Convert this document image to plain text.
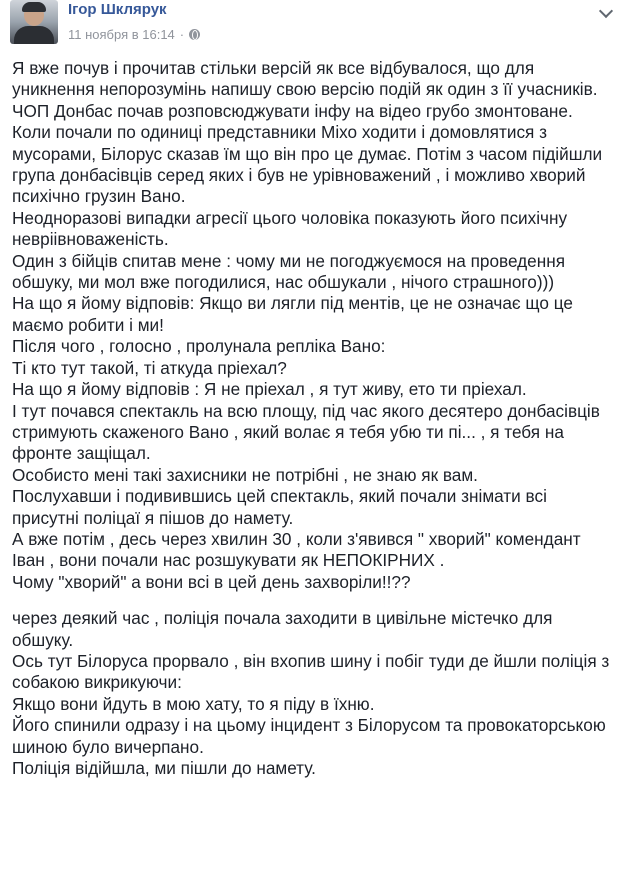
Ігор Шклярук
11 ноября в 16:14 ·

Я вже почув і прочитав стільки версій як все відбувалося, що для уникнення непорозумінь напишу свою версію подій як один з її учасників.

ЧОП Донбас почав розповсюджувати інфу на відео грубо змонтоване.

Коли почали по одиниці представники Міхо ходити і домовлятися з мусорами, Білорус сказав їм що він про це думає. Потім з часом підійшли група донбасівців серед яких і був не урівноважений , і можливо хворий психічно грузин Вано.

Неодноразові випадки агресії цього чоловіка показують його психічну невріівноваженість.

Один з бійців спитав мене : чому ми не погоджуємося на проведення обшуку, ми мол вже погодилися, нас обшукали , нічого страшного)))

На що я йому відповів: Якщо ви лягли під ментів, це не означає що це маємо робити і ми!

Після чого , голосно , пролунала репліка Вано:

Ті кто тут такой, ті аткуда пріехал?

На що я йому відповів : Я не пріехал , я тут живу, ето ти пріехал.

І тут почався спектакль на всю площу, під час якого десятеро донбасівців стримують скаженого Вано , який волає я тебя убю ти пі... , я тебя на фронте защіщал.

Особисто мені такі захисники не потрібні , не знаю як вам.

Послухавши і подивившись цей спектакль, який почали знімати всі присутні поліцаї я пішов до намету.

А вже потім , десь через хвилин 30 , коли з'явився " хворий" комендант Іван , вони почали нас розшукувати як НЕПОКІРНИХ .

Чому "хворий" а вони всі в цей день захворіли!!??

через деякий час , поліція почала заходити в цивільне містечко для обшуку.

Ось тут Білоруса прорвало , він вхопив шину і побіг туди де йшли поліція з собакою викрикуючи:

Якщо вони йдуть в мою хату, то я піду в їхню.

Його спинили одразу і на цьому інцидент з Білорусом та провокаторською шиною було вичерпано.

Поліція відійшла, ми пішли до намету.
